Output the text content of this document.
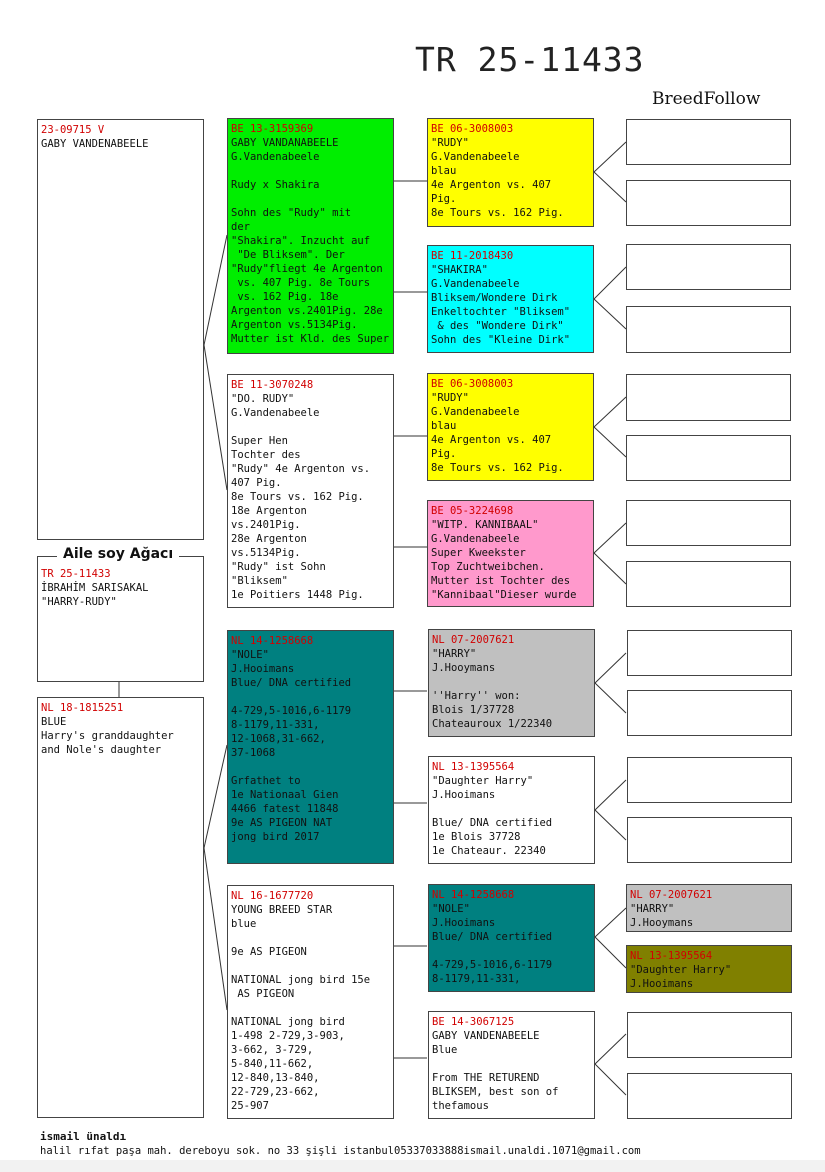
TR 25-11433
BreedFollow
23-09715 V
GABY VANDENABEELE
TR 25-11433
İBRAHİM SARISAKAL
"HARRY-RUDY"
Aile soy Ağacı
NL 18-1815251
BLUE
Harry's granddaughter
and Nole's daughter
BE 13-3159369
GABY VANDANABEELE
G.Vandenabeele
Rudy x Shakira
Sohn des "Rudy" mit
der
"Shakira". Inzucht auf
"De Bliksem". Der
"Rudy"fliegt 4e Argenton
vs. 407 Pig. 8e Tours
vs. 162 Pig. 18e
Argenton vs.2401Pig. 28e
Argenton vs.5134Pig.
Mutter ist Kld. des Super
BE 11-3070248
"DO. RUDY"
G.Vandenabeele
Super Hen
Tochter des
"Rudy" 4e Argenton vs.
407 Pig.
8e Tours vs. 162 Pig.
18e Argenton
vs.2401Pig.
28e Argenton
vs.5134Pig.
"Rudy" ist Sohn
"Bliksem"
1e Poitiers 1448 Pig.
NL 14-1258668
"NOLE"
J.Hooimans
Blue/ DNA certified
4-729,5-1016,6-1179
8-1179,11-331,
12-1068,31-662,
37-1068
Grfathet to
1e Nationaal Gien
4466 fatest 11848
9e AS PIGEON NAT
jong bird 2017
NL 16-1677720
YOUNG BREED STAR
blue
9e AS PIGEON
NATIONAL jong bird 15e
AS PIGEON
NATIONAL jong bird
1-498 2-729,3-903,
3-662, 3-729,
5-840,11-662,
12-840,13-840,
22-729,23-662,
25-907
BE 06-3008003
"RUDY"
G.Vandenabeele
blau
4e Argenton vs. 407
Pig.
8e Tours vs. 162 Pig.
BE 11-2018430
"SHAKIRA"
G.Vandenabeele
Bliksem/Wondere Dirk
Enkeltochter "Bliksem"
& des "Wondere Dirk"
Sohn des "Kleine Dirk"
BE 06-3008003
"RUDY"
G.Vandenabeele
blau
4e Argenton vs. 407
Pig.
8e Tours vs. 162 Pig.
BE 05-3224698
"WITP. KANNIBAAL"
G.Vandenabeele
Super Kweekster
Top Zuchtweibchen.
Mutter ist Tochter des
"Kannibaal"Dieser wurde
NL 07-2007621
"HARRY"
J.Hooymans
''Harry'' won:
Blois 1/37728
Chateauroux 1/22340
NL 13-1395564
"Daughter Harry"
J.Hooimans
Blue/ DNA certified
1e Blois 37728
1e Chateaur. 22340
NL 14-1258668
"NOLE"
J.Hooimans
Blue/ DNA certified
4-729,5-1016,6-1179
8-1179,11-331,
BE 14-3067125
GABY VANDENABEELE
Blue
From THE RETUREND
BLIKSEM, best son of
thefamous
NL 07-2007621
"HARRY"
J.Hooymans
NL 13-1395564
"Daughter Harry"
J.Hooimans
ismail ünaldı
halil rıfat paşa mah. dereboyu sok. no 33 şişli istanbul05337033888ismail.unaldi.1071@gmail.com
